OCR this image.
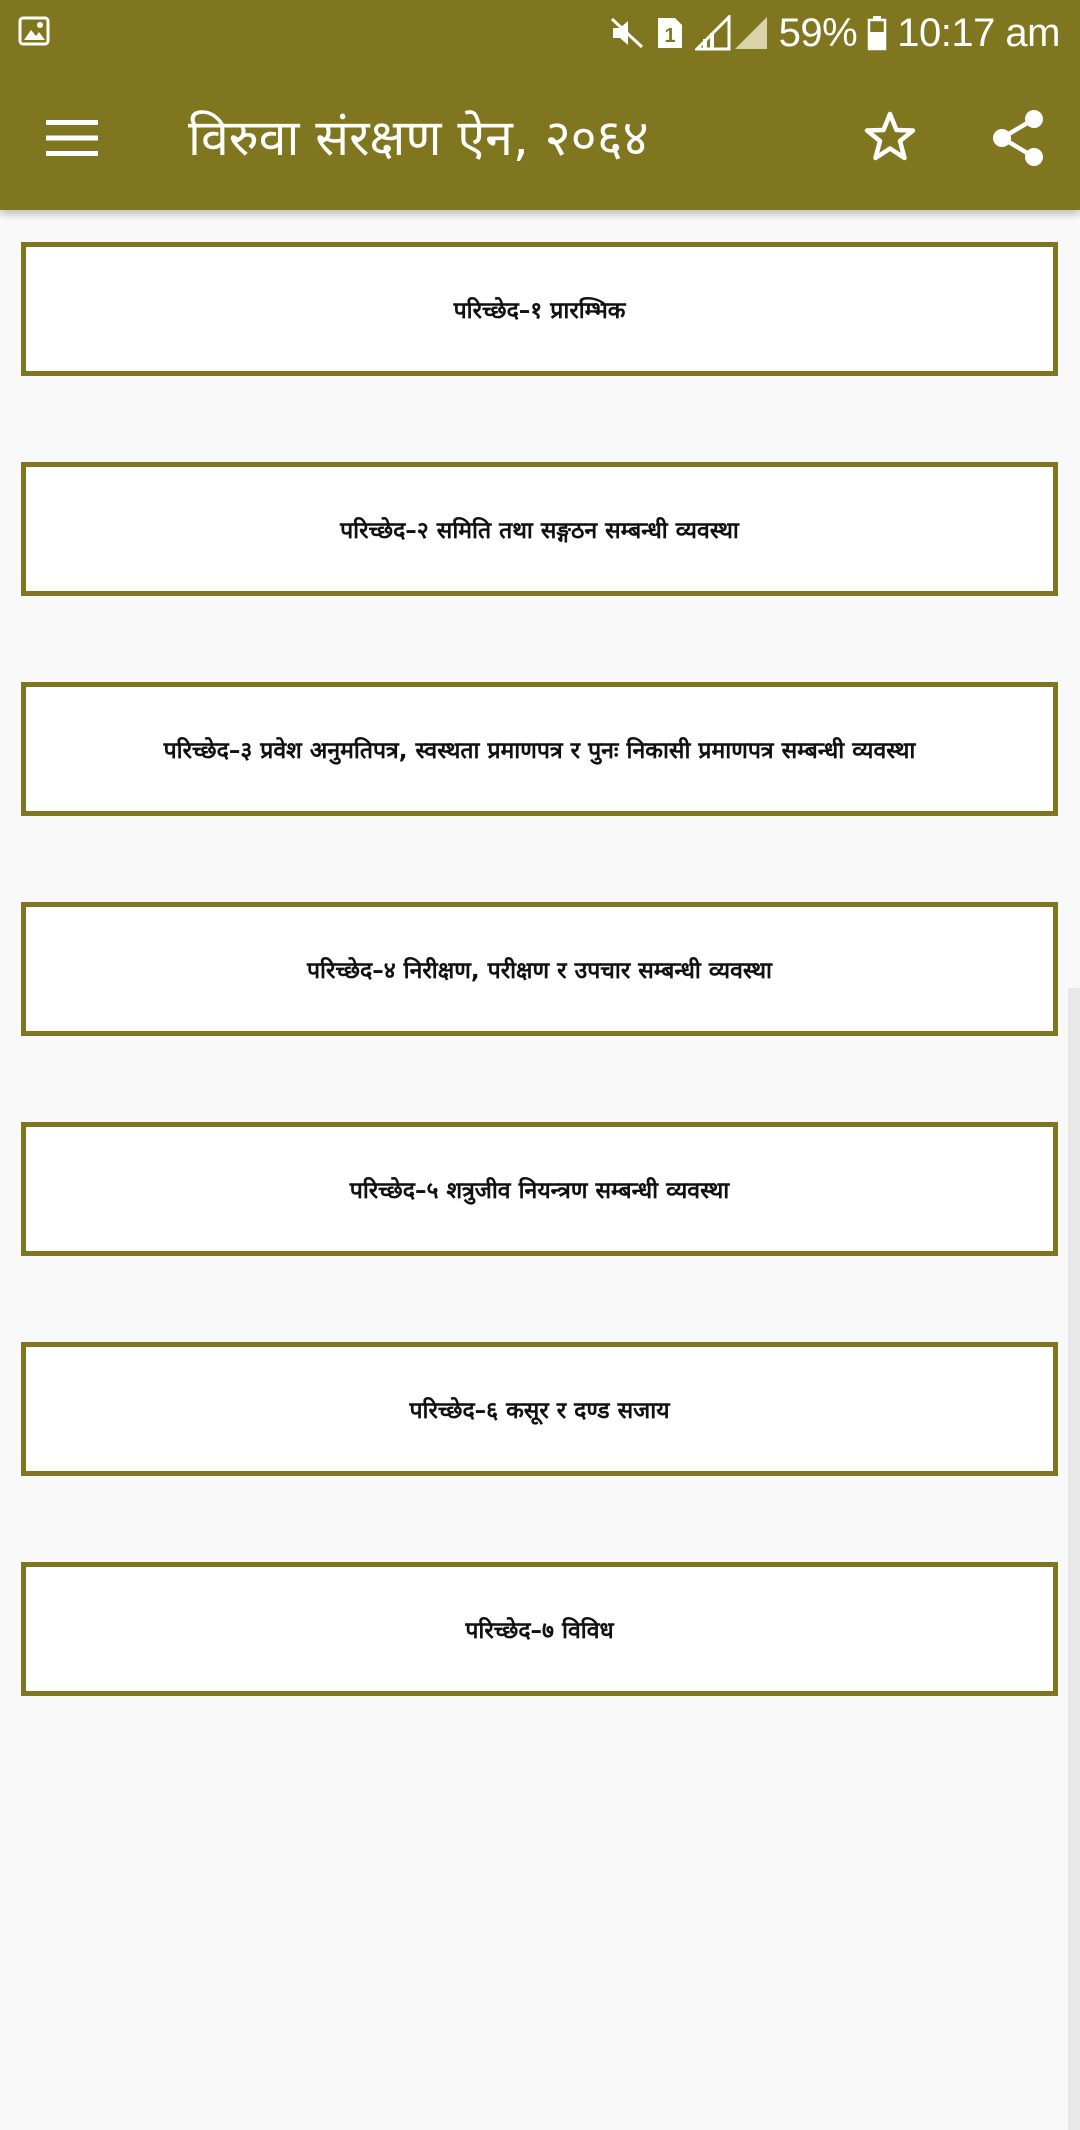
1	59% 10:17 am
विरुवा संरक्षण ऐन, २०६४
परिच्छेद–१ प्रारम्भिक
परिच्छेद–२ समिति तथा सङ्गठन सम्बन्धी व्यवस्था
परिच्छेद–३ प्रवेश अनुमतिपत्र, स्वस्थता प्रमाणपत्र र पुनः निकासी प्रमाणपत्र सम्बन्धी व्यवस्था
परिच्छेद–४ निरीक्षण, परीक्षण र उपचार सम्बन्धी व्यवस्था
परिच्छेद–५ शत्रुजीव नियन्त्रण सम्बन्धी व्यवस्था
परिच्छेद–६ कसूर र दण्ड सजाय
परिच्छेद–७ विविध
